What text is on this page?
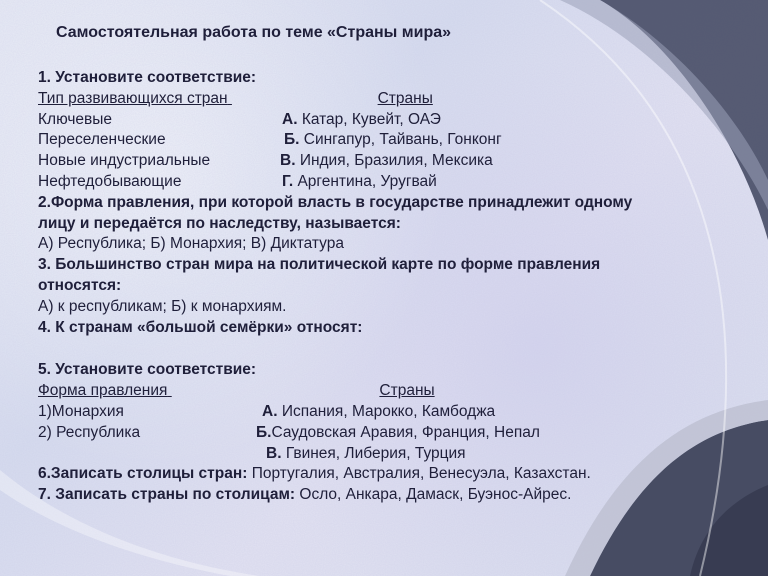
Самостоятельная работа по теме «Страны мира»
1. Установите соответствие:
Тип развивающихся стран	Страны
Ключевые	А. Катар, Кувейт, ОАЭ
Переселенческие	Б. Сингапур, Тайвань, Гонконг
Новые индустриальные	В. Индия, Бразилия, Мексика
Нефтедобывающие	Г. Аргентина, Уругвай
2.Форма правления, при которой власть в государстве принадлежит одному
лицу и передаётся по наследству, называется:
А) Республика; Б) Монархия; В) Диктатура
3. Большинство стран мира на политической карте по форме правления
относятся:
А) к республикам; Б) к монархиям.
4. К странам «большой семёрки» относят:
5. Установите соответствие:
Форма правления	Страны
1)Монархия	А. Испания, Марокко, Камбоджа
2) Республика	Б.Саудовская Аравия, Франция, Непал
В. Гвинея, Либерия, Турция
6.Записать столицы стран: Португалия, Австралия, Венесуэла, Казахстан.
7. Записать страны по столицам: Осло, Анкара, Дамаск, Буэнос-Айрес.
